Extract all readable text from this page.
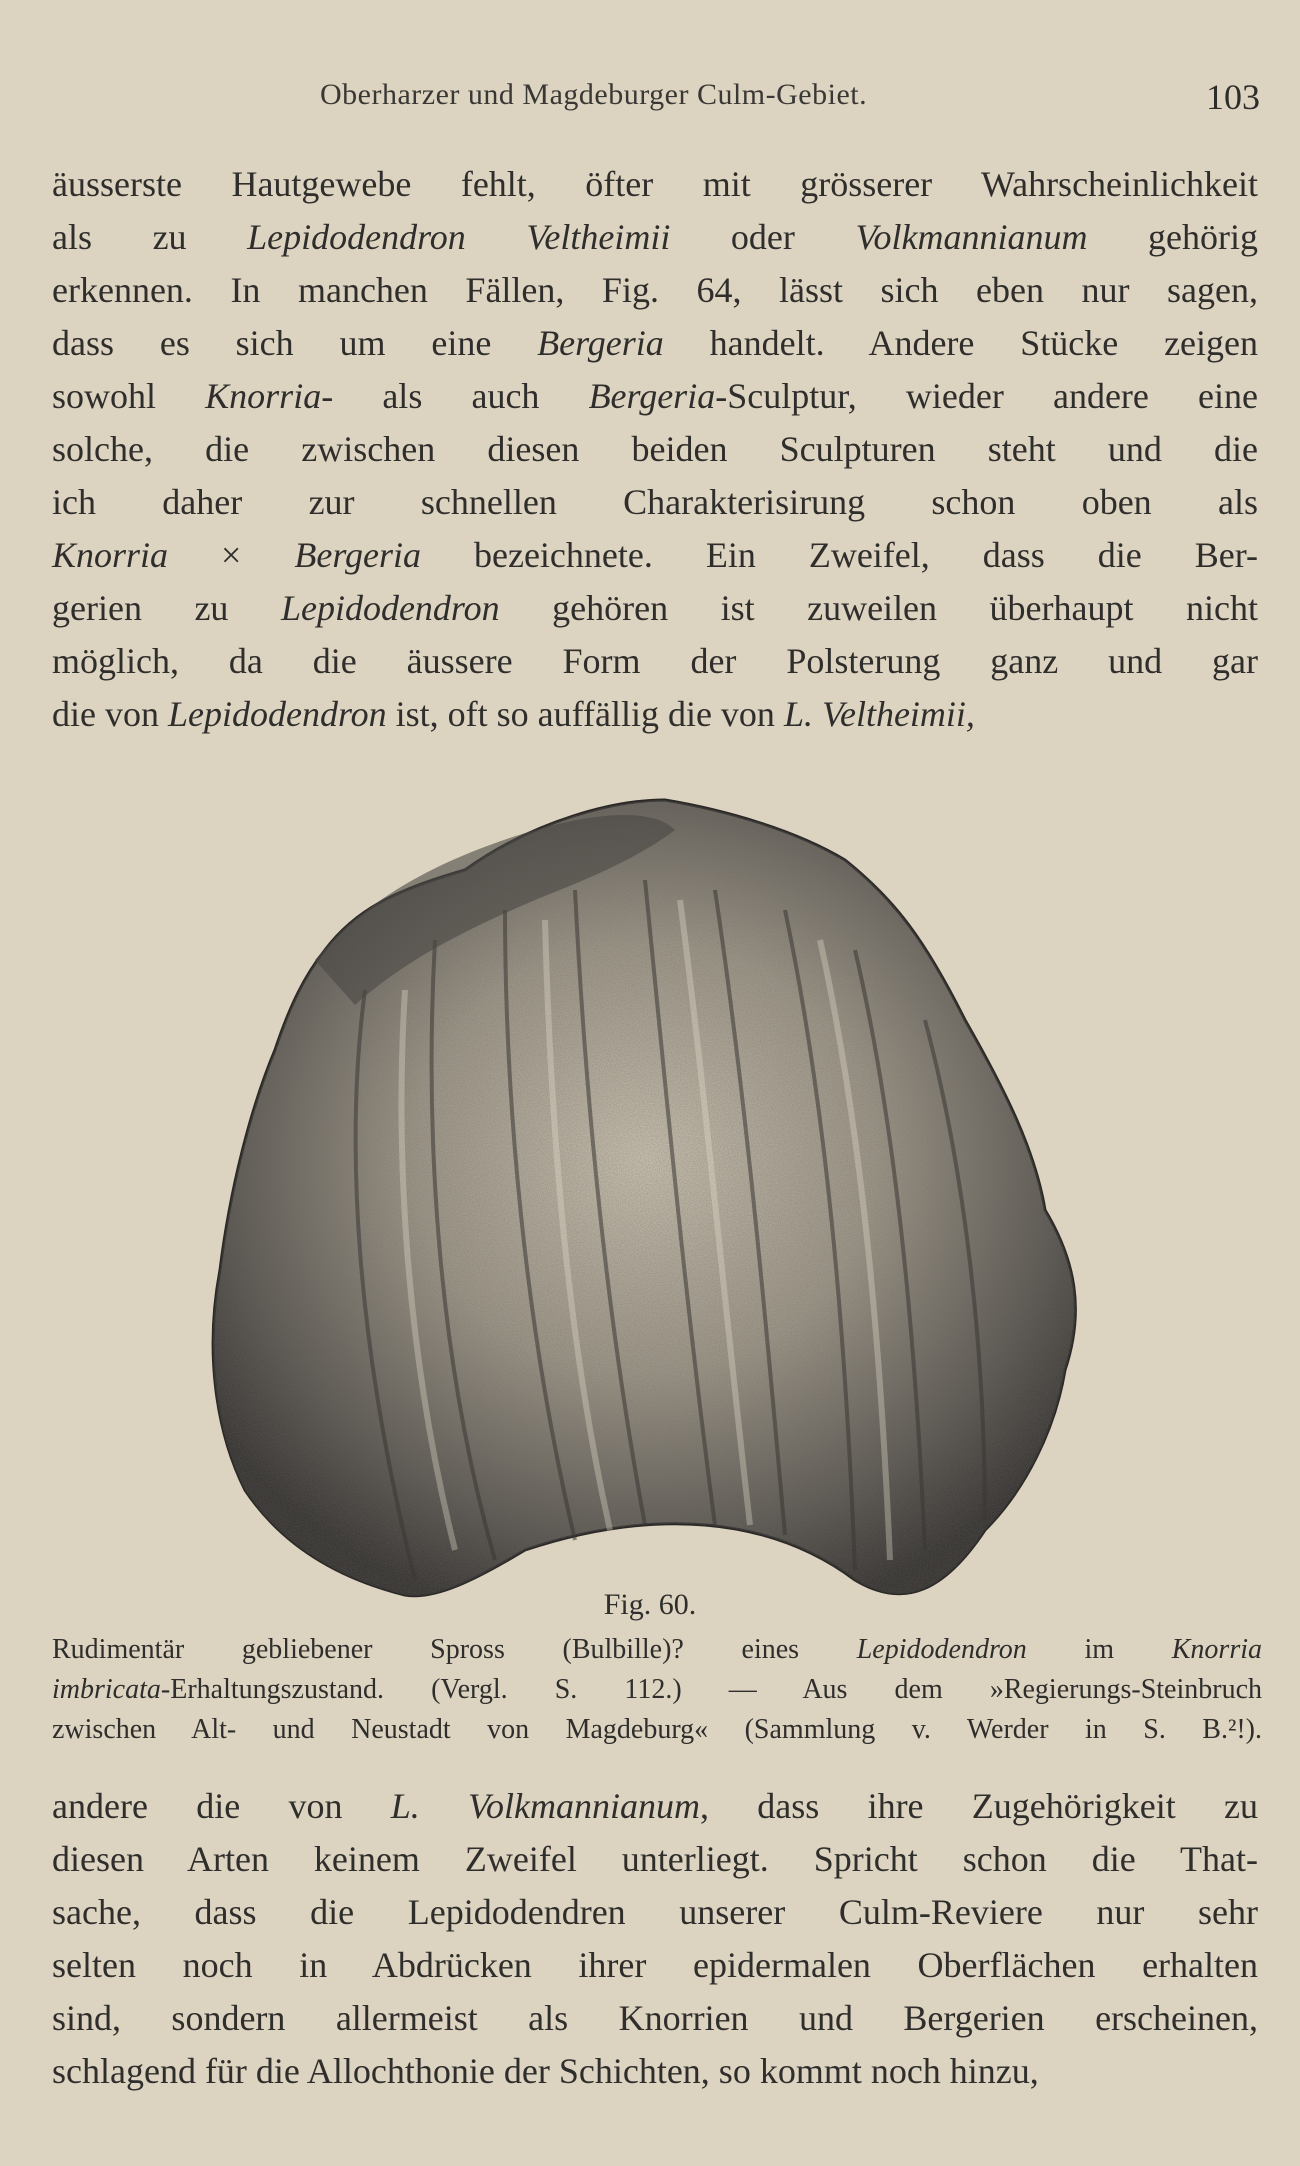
Oberharzer und Magdeburger Culm-Gebiet.	103
äusserste Hautgewebe fehlt, öfter mit grösserer Wahrscheinlichkeit
als zu Lepidodendron Veltheimii oder Volkmannianum gehörig
erkennen. In manchen Fällen, Fig. 64, lässt sich eben nur sagen,
dass es sich um eine Bergeria handelt. Andere Stücke zeigen
sowohl Knorria- als auch Bergeria-Sculptur, wieder andere eine
solche, die zwischen diesen beiden Sculpturen steht und die
ich daher zur schnellen Charakterisirung schon oben als
Knorria × Bergeria bezeichnete. Ein Zweifel, dass die Ber-
gerien zu Lepidodendron gehören ist zuweilen überhaupt nicht
möglich, da die äussere Form der Polsterung ganz und gar
die von Lepidodendron ist, oft so auffällig die von L. Veltheimii,
Fig. 60.
Rudimentär gebliebener Spross (Bulbille)? eines Lepidodendron im Knorria
imbricata-Erhaltungszustand. (Vergl. S. 112.) — Aus dem »Regierungs-Steinbruch
zwischen Alt- und Neustadt von Magdeburg« (Sammlung v. Werder in S. B.²!).
andere die von L. Volkmannianum, dass ihre Zugehörigkeit zu
diesen Arten keinem Zweifel unterliegt. Spricht schon die That-
sache, dass die Lepidodendren unserer Culm-Reviere nur sehr
selten noch in Abdrücken ihrer epidermalen Oberflächen erhalten
sind, sondern allermeist als Knorrien und Bergerien erscheinen,
schlagend für die Allochthonie der Schichten, so kommt noch hinzu,
